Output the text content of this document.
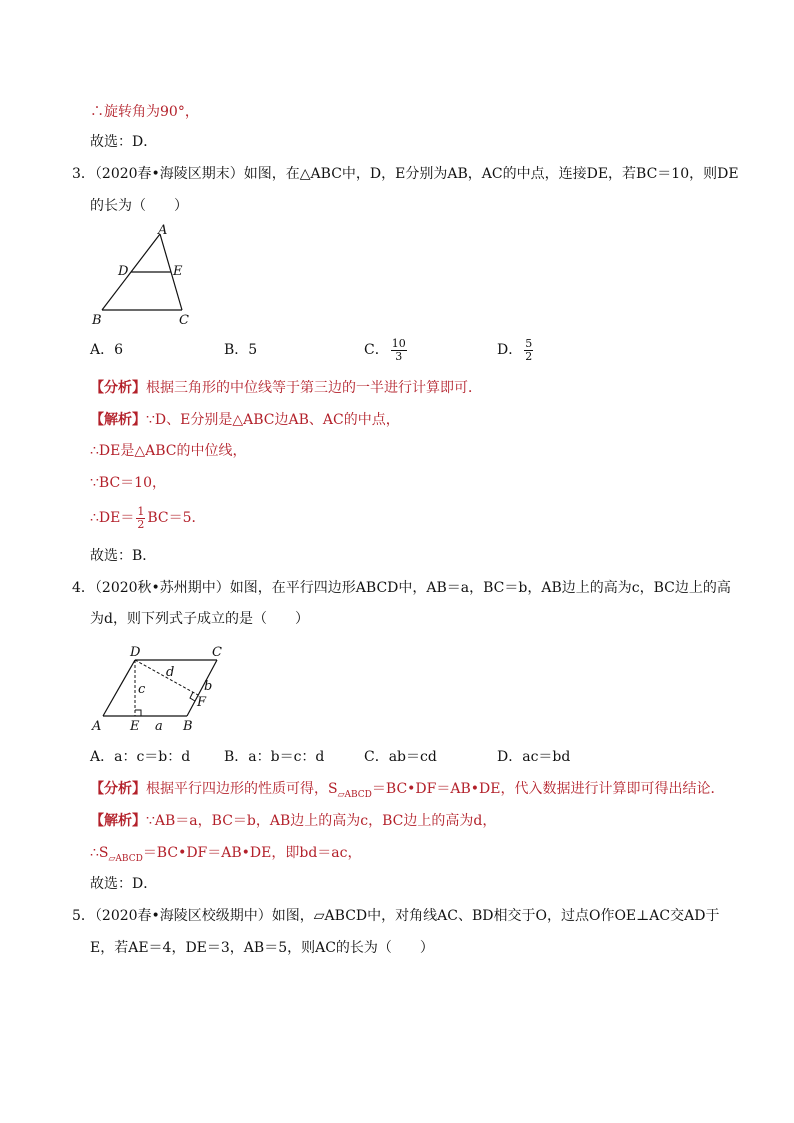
∴旋转角为90°，
故选：D．
3．（2020春•海陵区期末）如图，在△ABC中，D，E分别为AB，AC的中点，连接DE，若BC＝10，则DE
的长为（　　）
A
D	E
B	C
A．6	B．5	C． $\frac{10}{3}$	D． $\frac{5}{2}$
【分析】根据三角形的中位线等于第三边的一半进行计算即可．
【解析】∵D、E分别是△ABC边AB、AC的中点，
∴DE是△ABC的中位线，
∵BC＝10，
∴DE＝ $\frac{1}{2} BC=5$．
故选：B．
4．（2020秋•苏州期中）如图，在平行四边形ABCD中，AB＝a，BC＝b，AB边上的高为c，BC边上的高
为d，则下列式子成立的是（　　）
D	C
d
b
c
F
A E a B
A．a：c＝b：d B．a：b＝c：d	C．ab＝cd	D．ac＝bd
【分析】根据平行四边形的性质可得，$S_{▱ABCD}=BC•DF=AB•DE$，代入数据进行计算即可得出结论．
【解析】∵AB＝a，BC＝b，AB边上的高为c，BC边上的高为d，
$\therefore S_{▱ABCD}=BC•DF=AB•DE$，即bd＝ac，
故选：D．
5．（2020春•海陵区校级期中）如图，▱ABCD中，对角线AC、BD相交于O，过点O作OE⊥AC交AD于
E，若AE＝4，DE＝3，AB＝5，则AC的长为（　　）
